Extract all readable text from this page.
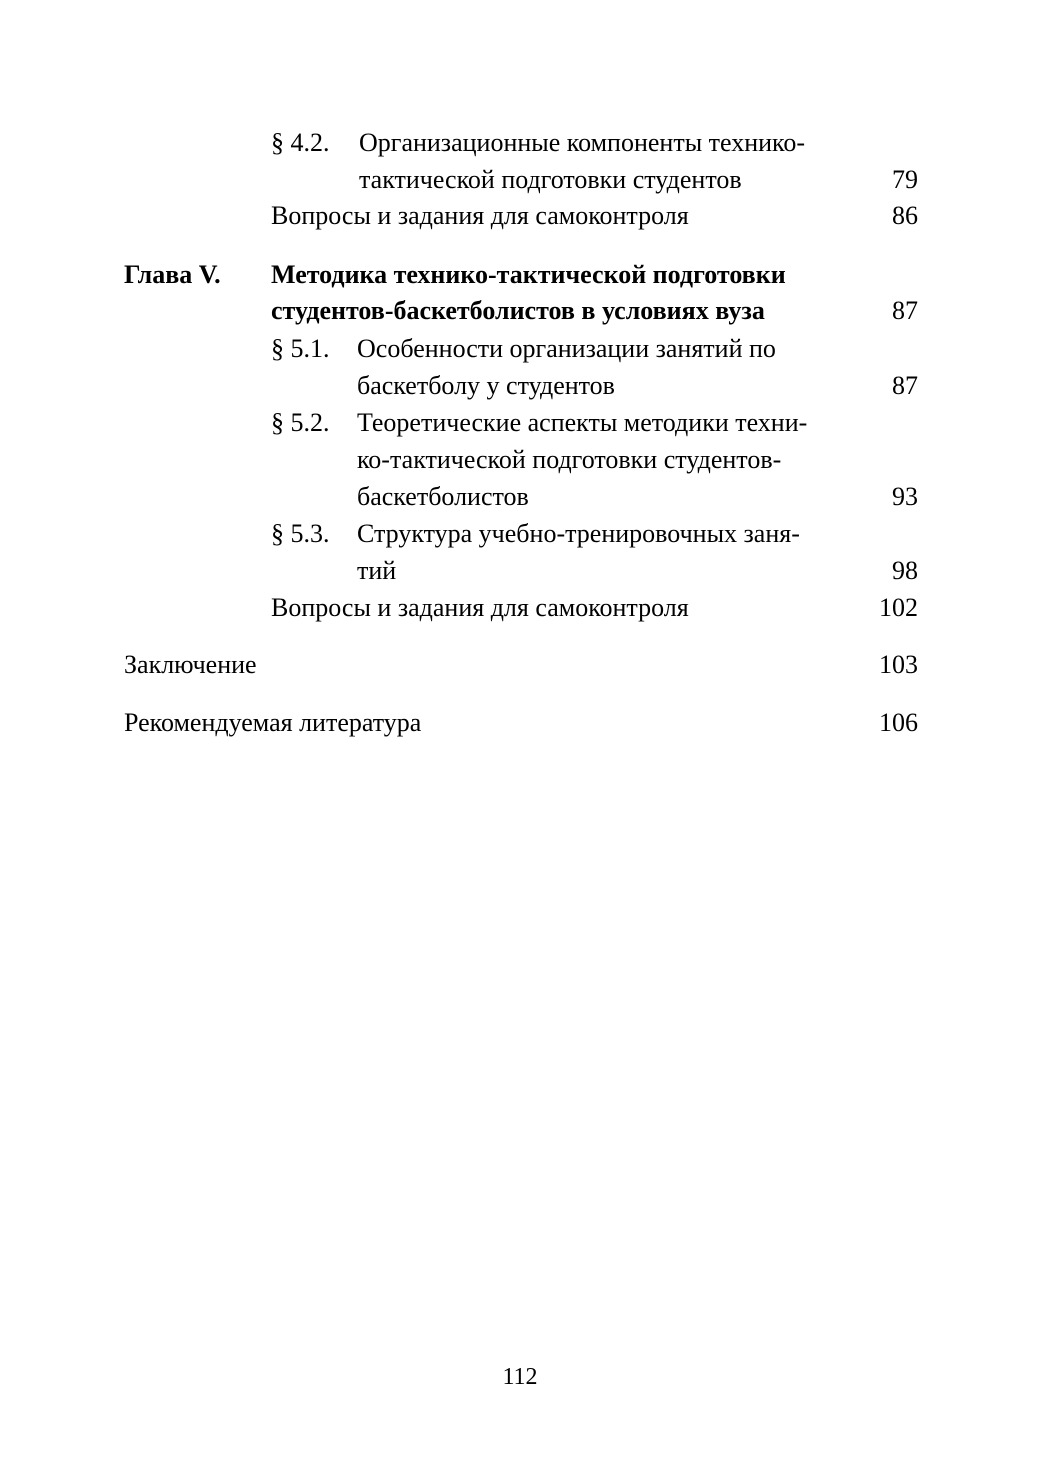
§ 4.2. Организационные компоненты технико-
тактической подготовки студентов	79
Вопросы и задания для самоконтроля	86
Глава V. Методика технико-тактической подготовки
студентов-баскетболистов в условиях вуза	87
§ 5.1. Особенности организации занятий по
баскетболу у студентов	87
§ 5.2. Теоретические аспекты методики техни-
ко-тактической подготовки студентов-
баскетболистов	93
§ 5.3. Структура учебно-тренировочных заня-
тий	98
Вопросы и задания для самоконтроля	102
Заключение	103
Рекомендуемая литература	106
112
